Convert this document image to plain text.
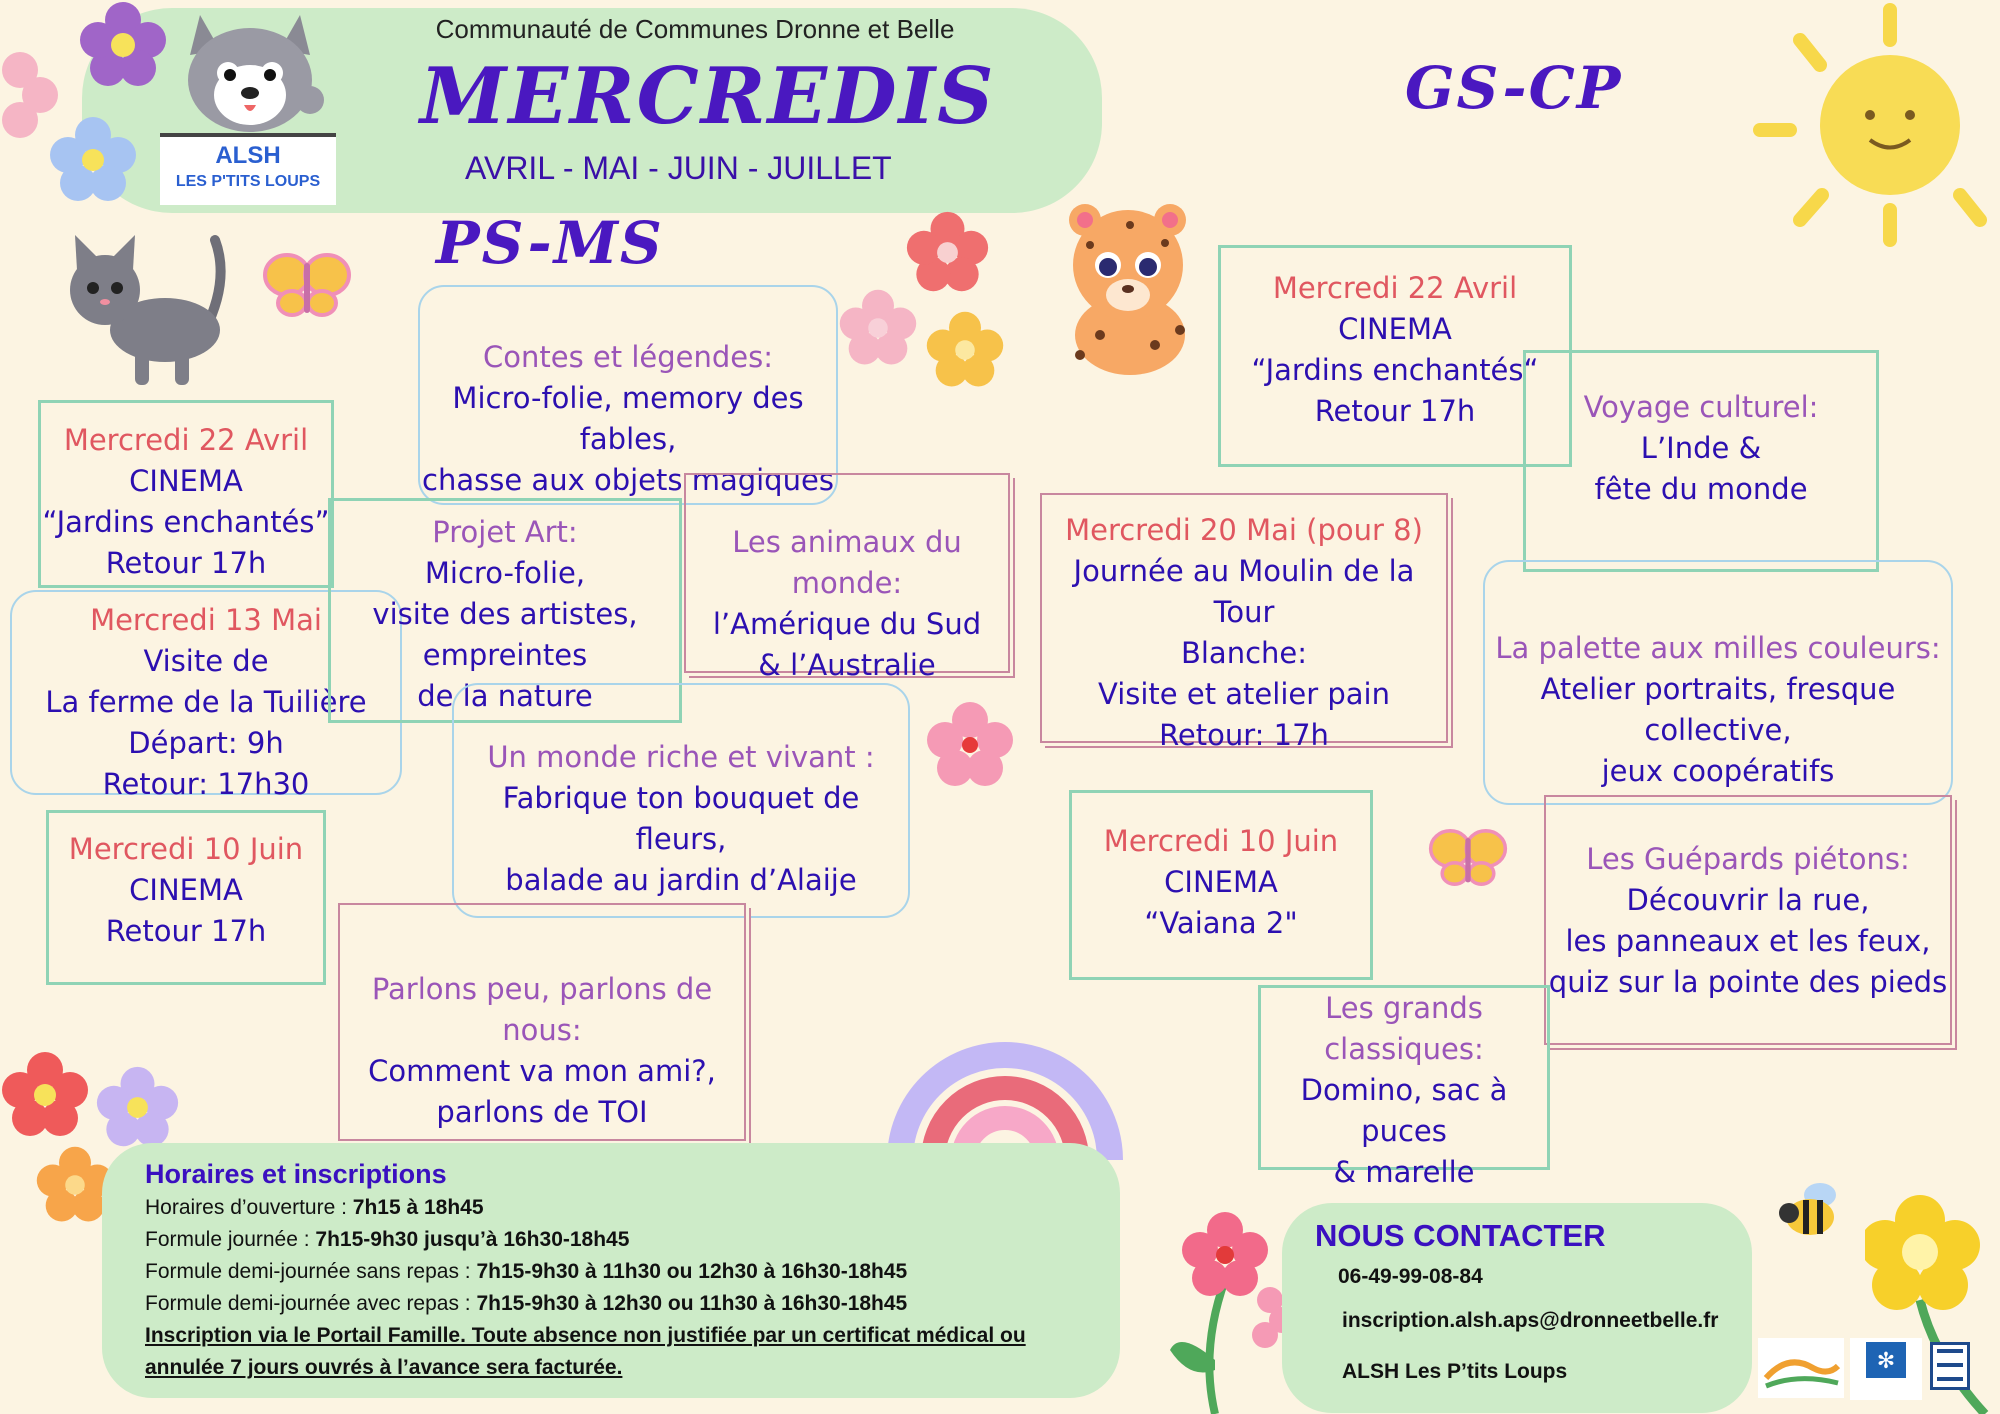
ALSH
LES P'TITS LOUPS
Communauté de Communes Dronne et Belle
MERCREDIS
AVRIL - MAI - JUIN - JUILLET
PS-MS
GS-CP
Mercredi 22 Avril
CINEMA
“Jardins enchantés”
Retour 17h
Mercredi 13 Mai
Visite de
La ferme de la Tuilière
Départ: 9h
Retour: 17h30
Mercredi 10 Juin
CINEMA
Retour 17h
Contes et légendes:
Micro-folie, memory des fables,
chasse aux objets magiques
Projet Art:
Micro-folie,
visite des artistes,
empreintes
de la nature
Les animaux du monde:
l’Amérique du Sud
& l’Australie
Un monde riche et vivant :
Fabrique ton bouquet de fleurs,
balade au jardin d’Alaije
Parlons peu, parlons de nous:
Comment va mon ami?,
parlons de TOI
Mercredi 22 Avril
CINEMA
“Jardins enchantés“
Retour 17h	Voyage culturel:
L’Inde &
fête du monde
Mercredi 20 Mai (pour 8)
Journée au Moulin de la Tour
Blanche:
Visite et atelier pain
Retour: 17h
La palette aux milles couleurs:
Atelier portraits, fresque collective,
jeux coopératifs
Mercredi 10 Juin
CINEMA
“Vaiana 2"
Les Guépards piétons:
Découvrir la rue,
les panneaux et les feux,
quiz sur la pointe des pieds
Les grands
classiques:
Domino, sac à puces
& marelle
Horaires et inscriptions
Horaires d’ouverture : 7h15 à 18h45
Formule journée : 7h15-9h30 jusqu’à 16h30-18h45
Formule demi-journée sans repas : 7h15-9h30 à 11h30 ou 12h30 à 16h30-18h45
Formule demi-journée avec repas : 7h15-9h30 à 12h30 ou 11h30 à 16h30-18h45
Inscription via le Portail Famille. Toute absence non justifiée par un certificat médical ou
annulée 7 jours ouvrés à l’avance sera facturée.
NOUS CONTACTER
06-49-99-08-84
inscription.alsh.aps@dronneetbelle.fr
ALSH Les P’tits Loups	✻
